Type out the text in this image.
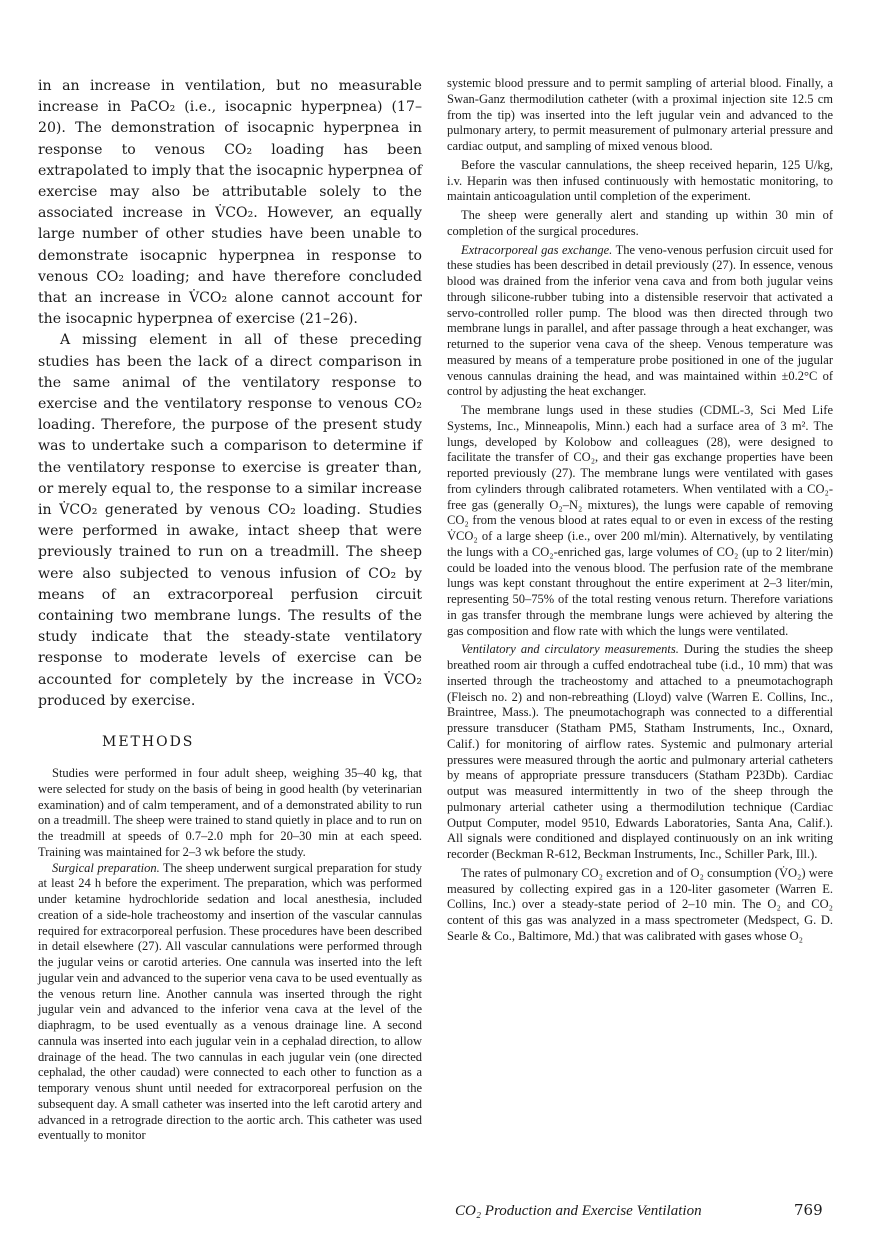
in an increase in ventilation, but no measurable increase in PaCO₂ (i.e., isocapnic hyperpnea) (17–20). The demonstration of isocapnic hyperpnea in response to venous CO₂ loading has been extrapolated to imply that the isocapnic hyperpnea of exercise may also be attributable solely to the associated increase in V̇CO₂. However, an equally large number of other studies have been unable to demonstrate isocapnic hyperpnea in response to venous CO₂ loading; and have therefore concluded that an increase in V̇CO₂ alone cannot account for the isocapnic hyperpnea of exercise (21–26).

A missing element in all of these preceding studies has been the lack of a direct comparison in the same animal of the ventilatory response to exercise and the ventilatory response to venous CO₂ loading. Therefore, the purpose of the present study was to undertake such a comparison to determine if the ventilatory response to exercise is greater than, or merely equal to, the response to a similar increase in V̇CO₂ generated by venous CO₂ loading. Studies were performed in awake, intact sheep that were previously trained to run on a treadmill. The sheep were also subjected to venous infusion of CO₂ by means of an extracorporeal perfusion circuit containing two membrane lungs. The results of the study indicate that the steady-state ventilatory response to moderate levels of exercise can be accounted for completely by the increase in V̇CO₂ produced by exercise.

METHODS

Studies were performed in four adult sheep, weighing 35–40 kg, that were selected for study on the basis of being in good health (by veterinarian examination) and of calm temperament, and of a demonstrated ability to run on a treadmill. The sheep were trained to stand quietly in place and to run on the treadmill at speeds of 0.7–2.0 mph for 20–30 min at each speed. Training was maintained for 2–3 wk before the study.

Surgical preparation. The sheep underwent surgical preparation for study at least 24 h before the experiment. The preparation, which was performed under ketamine hydrochloride sedation and local anesthesia, included creation of a side-hole tracheostomy and insertion of the vascular cannulas required for extracorporeal perfusion. These procedures have been described in detail elsewhere (27). All vascular cannulations were performed through the jugular veins or carotid arteries. One cannula was inserted into the left jugular vein and advanced to the superior vena cava to be used eventually as the venous return line. Another cannula was inserted through the right jugular vein and advanced to the inferior vena cava at the level of the diaphragm, to be used eventually as a venous drainage line. A second cannula was inserted into each jugular vein in a cephalad direction, to allow drainage of the head. The two cannulas in each jugular vein (one directed cephalad, the other caudad) were connected to each other to function as a temporary venous shunt until needed for extracorporeal perfusion on the subsequent day. A small catheter was inserted into the left carotid artery and advanced in a retrograde direction to the aortic arch. This catheter was used eventually to monitor

systemic blood pressure and to permit sampling of arterial blood. Finally, a Swan-Ganz thermodilution catheter (with a proximal injection site 12.5 cm from the tip) was inserted into the left jugular vein and advanced to the pulmonary artery, to permit measurement of pulmonary arterial pressure and cardiac output, and sampling of mixed venous blood.

Before the vascular cannulations, the sheep received heparin, 125 U/kg, i.v. Heparin was then infused continuously with hemostatic monitoring, to maintain anticoagulation until completion of the experiment.

The sheep were generally alert and standing up within 30 min of completion of the surgical procedures.

Extracorporeal gas exchange. The veno-venous perfusion circuit used for these studies has been described in detail previously (27). In essence, venous blood was drained from the inferior vena cava and from both jugular veins through silicone-rubber tubing into a distensible reservoir that activated a servo-controlled roller pump. The blood was then directed through two membrane lungs in parallel, and after passage through a heat exchanger, was returned to the superior vena cava of the sheep. Venous temperature was measured by means of a temperature probe positioned in one of the jugular venous cannulas draining the head, and was maintained within ±0.2°C of control by adjusting the heat exchanger.

The membrane lungs used in these studies (CDML-3, Sci Med Life Systems, Inc., Minneapolis, Minn.) each had a surface area of 3 m². The lungs, developed by Kolobow and colleagues (28), were designed to facilitate the transfer of CO₂, and their gas exchange properties have been reported previously (27). The membrane lungs were ventilated with gases from cylinders through calibrated rotameters. When ventilated with a CO₂-free gas (generally O₂–N₂ mixtures), the lungs were capable of removing CO₂ from the venous blood at rates equal to or even in excess of the resting V̇CO₂ of a large sheep (i.e., over 200 ml/min). Alternatively, by ventilating the lungs with a CO₂-enriched gas, large volumes of CO₂ (up to 2 liter/min) could be loaded into the venous blood. The perfusion rate of the membrane lungs was kept constant throughout the entire experiment at 2–3 liter/min, representing 50–75% of the total resting venous return. Therefore variations in gas transfer through the membrane lungs were achieved by altering the gas composition and flow rate with which the lungs were ventilated.

Ventilatory and circulatory measurements. During the studies the sheep breathed room air through a cuffed endotracheal tube (i.d., 10 mm) that was inserted through the tracheostomy and attached to a pneumotachograph (Fleisch no. 2) and non-rebreathing (Lloyd) valve (Warren E. Collins, Inc., Braintree, Mass.). The pneumotachograph was connected to a differential pressure transducer (Statham PM5, Statham Instruments, Inc., Oxnard, Calif.) for monitoring of airflow rates. Systemic and pulmonary arterial pressures were measured through the aortic and pulmonary arterial catheters by means of appropriate pressure transducers (Statham P23Db). Cardiac output was measured intermittently in two of the sheep through the pulmonary arterial catheter using a thermodilution technique (Cardiac Output Computer, model 9510, Edwards Laboratories, Santa Ana, Calif.). All signals were conditioned and displayed continuously on an ink writing recorder (Beckman R-612, Beckman Instruments, Inc., Schiller Park, Ill.).

The rates of pulmonary CO₂ excretion and of O₂ consumption (V̇O₂) were measured by collecting expired gas in a 120-liter gasometer (Warren E. Collins, Inc.) over a steady-state period of 2–10 min. The O₂ and CO₂ content of this gas was analyzed in a mass spectrometer (Medspect, G. D. Searle & Co., Baltimore, Md.) that was calibrated with gases whose O₂

CO₂ Production and Exercise Ventilation	769
